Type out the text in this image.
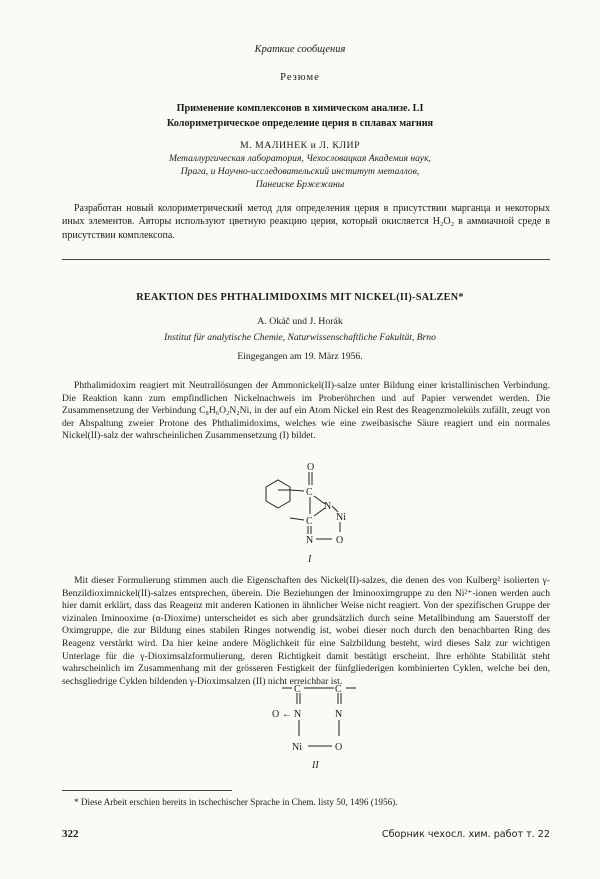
Краткие сообщения
Резюме
Применение комплексонов в химическом анализе. LI
Колориметрическое определение церия в сплавах магния
М. МАЛИНЕК и Л. КЛИР
Металлургическая лаборатория, Чехословацкая Академия наук,
Прага, и Научно-исследовательский институт металлов,
Панеиске Бржежаны
Разработан новый колориметрический метод для определения церия в присутствии марганца и некоторых иных элементов. Авторы используют цветную реакцию церия, который окисляется H₂O₂ в аммиачной среде в присутствии комплексопа.
REAKTION DES PHTHALIMIDOXIMS MIT NICKEL(II)-SALZEN*
A. Okáč und J. Horák
Institut für analytische Chemie, Naturwissenschaftliche Fakultät, Brno
Eingegangen am 19. März 1956.
Phthalimidoxim reagiert mit Neutrallösungen der Ammonickel(II)-salze unter Bildung einer kristallinischen Verbindung. Die Reaktion kann zum empfindlichen Nickelnachweis im Proberöhrchen und auf Papier verwendet werden. Die Zusammensetzung der Verbindung C₈H₆O₂N₂Ni, in der auf ein Atom Nickel ein Rest des Reagenzmoleküls zufällt, zeugt von der Abspaltung zweier Protone des Phthalimidoxims, welches wie eine zweibasische Säure reagiert und ein normales Nickel(II)-salz der wahrscheinlichen Zusammensetzung (I) bildet.
O
C
N
Ni
C
N O
I
Mit dieser Formulierung stimmen auch die Eigenschaften des Nickel(II)-salzes, die denen des von Kulberg² isolierten γ-Benzildioximnickel(II)-salzes entsprechen, überein. Die Beziehungen der Iminooximgruppe zu den Ni²⁺-ionen werden auch hier damit erklärt, dass das Reagenz mit anderen Kationen in ähnlicher Weise nicht reagiert. Von der spezifischen Gruppe der vizinalen Iminooxime (α-Dioxime) unterscheidet es sich aber grundsätzlich durch seine Metallbindung am Sauerstoff der Oximgruppe, die zur Bildung eines stabilen Ringes notwendig ist, wobei dieser noch durch den benachbarten Ring des Reagenz verstärkt wird. Da hier keine andere Möglichkeit für eine Salzbildung besteht, wird dieses Salz zur wichtigen Unterlage für die γ-Dioximsalzformulierung, deren Richtigkeit damit bestätigt erscheint. Ihre erhöhte Stabilität steht wahrscheinlich im Zusammenhang mit der grösseren Festigkeit der fünfgliederigen kombinierten Cyklen, welche bei den, sechsgliedrige Cyklen bildenden γ-Dioximsalzen (II) nicht erreichbar ist.
C	C
O ← N	N
Ni	O
II
* Diese Arbeit erschien bereits in tschechischer Sprache in Chem. listy 50, 1496 (1956).
322	Сборник чехосл. хим. работ т. 22
